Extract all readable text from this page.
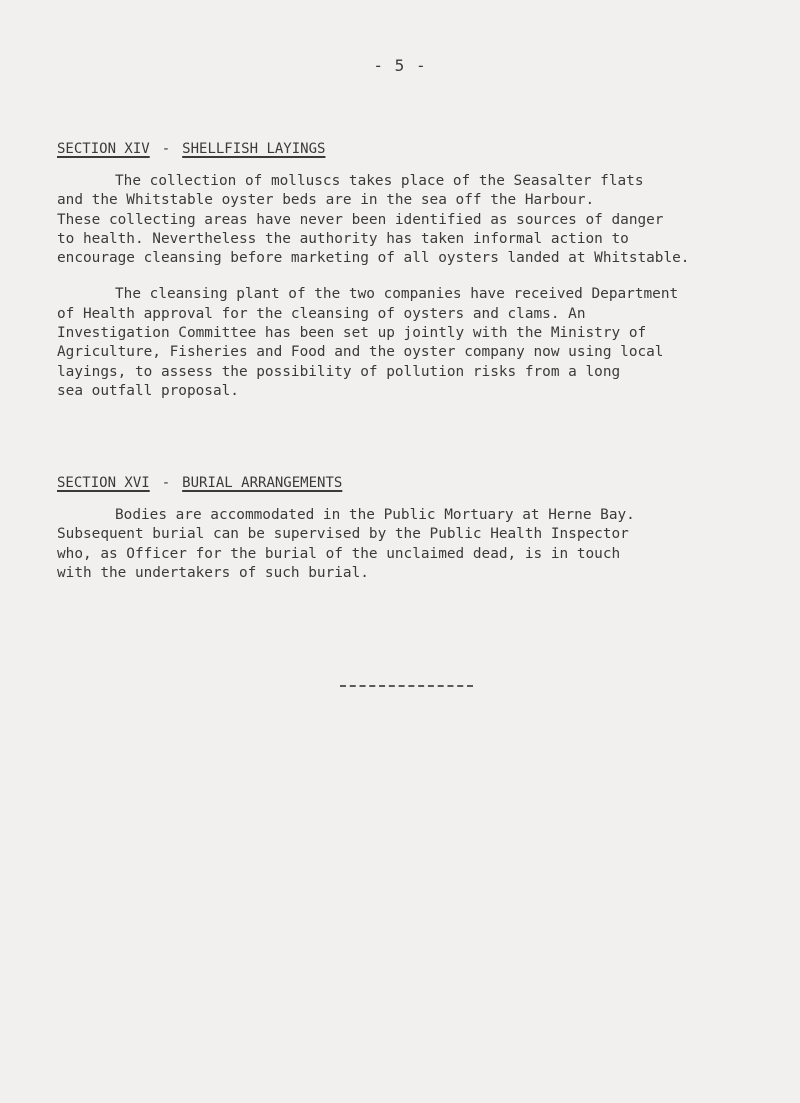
- 5 -
SECTION XIV - SHELLFISH LAYINGS
The collection of molluscs takes place of the Seasalter flats
and the Whitstable oyster beds are in the sea off the Harbour.
These collecting areas have never been identified as sources of danger
to health. Nevertheless the authority has taken informal action to
encourage cleansing before marketing of all oysters landed at Whitstable.
The cleansing plant of the two companies have received Department
of Health approval for the cleansing of oysters and clams. An
Investigation Committee has been set up jointly with the Ministry of
Agriculture, Fisheries and Food and the oyster company now using local
layings, to assess the possibility of pollution risks from a long
sea outfall proposal.
SECTION XVI - BURIAL ARRANGEMENTS
Bodies are accommodated in the Public Mortuary at Herne Bay.
Subsequent burial can be supervised by the Public Health Inspector
who, as Officer for the burial of the unclaimed dead, is in touch
with the undertakers of such burial.
